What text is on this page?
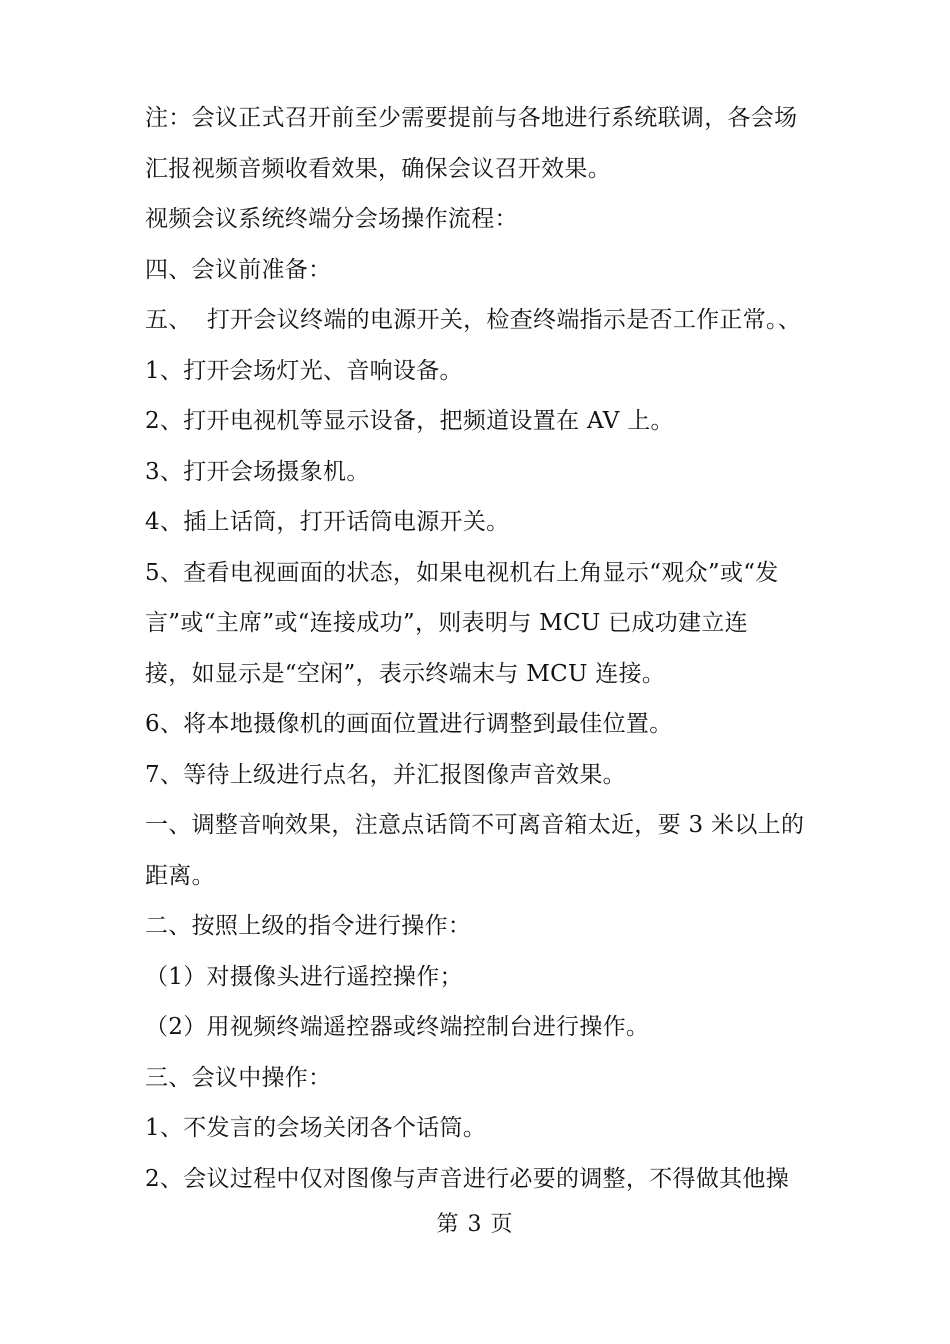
注：会议正式召开前至少需要提前与各地进行系统联调，各会场
汇报视频音频收看效果，确保会议召开效果。
视频会议系统终端分会场操作流程：
四、会议前准备：
五、  打开会议终端的电源开关，检查终端指示是否工作正常。、
1、打开会场灯光、音响设备。
2、打开电视机等显示设备，把频道设置在 AV 上。
3、打开会场摄象机。
4、插上话筒，打开话筒电源开关。
5、查看电视画面的状态，如果电视机右上角显示“观众”或“发
言”或“主席”或“连接成功”，则表明与 MCU 已成功建立连
接，如显示是“空闲”，表示终端末与 MCU 连接。
6、将本地摄像机的画面位置进行调整到最佳位置。
7、等待上级进行点名，并汇报图像声音效果。
一、调整音响效果，注意点话筒不可离音箱太近，要 3 米以上的
距离。
二、按照上级的指令进行操作：
（1）对摄像头进行遥控操作；
（2）用视频终端遥控器或终端控制台进行操作。
三、会议中操作：
1、不发言的会场关闭各个话筒。
2、会议过程中仅对图像与声音进行必要的调整，不得做其他操
第 3 页
